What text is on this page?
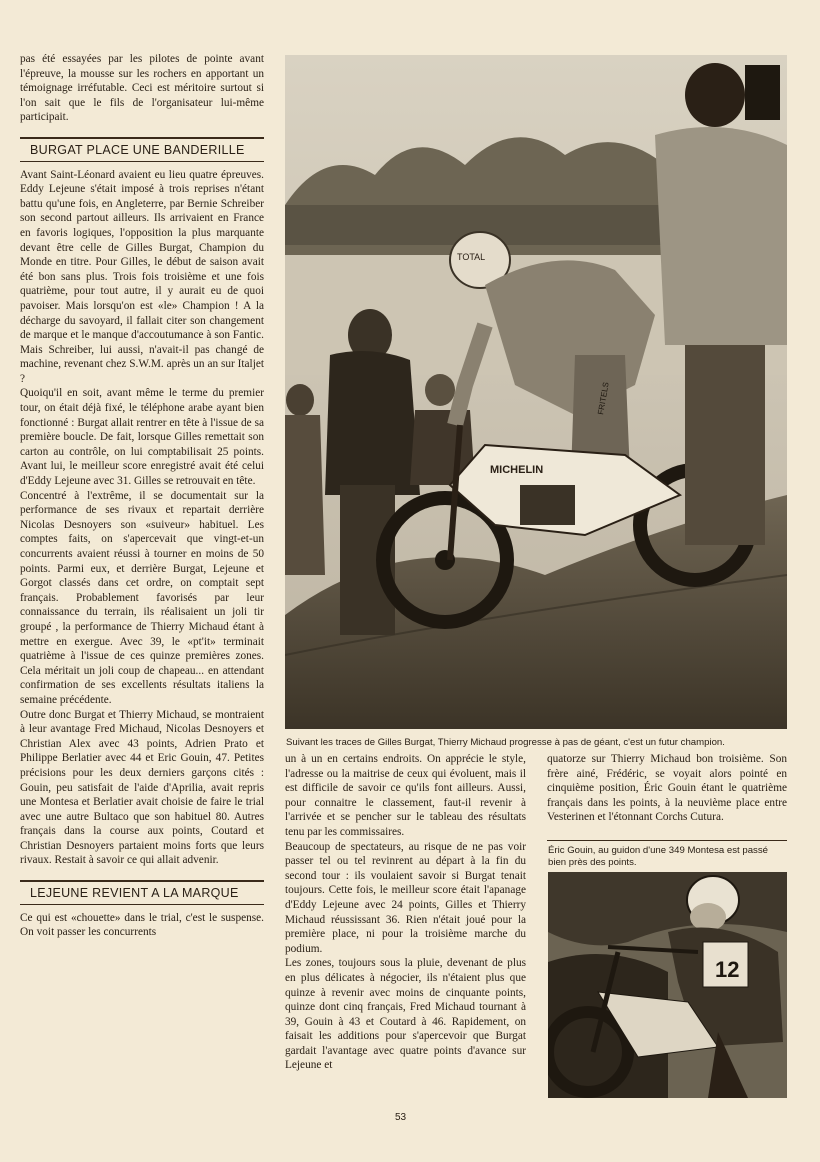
pas été essayées par les pilotes de pointe avant l'épreuve, la mousse sur les rochers en apportant un témoignage irréfutable. Ceci est méritoire surtout si l'on sait que le fils de l'organisateur lui-même participait.

BURGAT PLACE UNE BANDERILLE

Avant Saint-Léonard avaient eu lieu quatre épreuves. Eddy Lejeune s'était imposé à trois reprises n'étant battu qu'une fois, en Angleterre, par Bernie Schreiber son second partout ailleurs. Ils arrivaient en France en favoris logiques, l'opposition la plus marquante devant être celle de Gilles Burgat, Champion du Monde en titre. Pour Gilles, le début de saison avait été bon sans plus. Trois fois troisième et une fois quatrième, pour tout autre, il y aurait eu de quoi pavoiser. Mais lorsqu'on est «le» Champion ! A la décharge du savoyard, il fallait citer son changement de marque et le manque d'accoutumance à son Fantic. Mais Schreiber, lui aussi, n'avait-il pas changé de machine, revenant chez S.W.M. après un an sur Italjet ?

Quoiqu'il en soit, avant même le terme du premier tour, on était déjà fixé, le téléphone arabe ayant bien fonctionné : Burgat allait rentrer en tête à l'issue de sa première boucle. De fait, lorsque Gilles remettait son carton au contrôle, on lui comptabilisait 25 points. Avant lui, le meilleur score enregistré avait été celui d'Eddy Lejeune avec 31. Gilles se retrouvait en tête.

Concentré à l'extrême, il se documentait sur la performance de ses rivaux et repartait derrière Nicolas Desnoyers son «suiveur» habituel. Les comptes faits, on s'apercevait que vingt-et-un concurrents avaient réussi à tourner en moins de 50 points. Parmi eux, et derrière Burgat, Lejeune et Gorgot classés dans cet ordre, on comptait sept français. Probablement favorisés par leur connaissance du terrain, ils réalisaient un joli tir groupé , la performance de Thierry Michaud étant à mettre en exergue. Avec 39, le «pt'it» terminait quatrième à l'issue de ces quinze premières zones. Cela méritait un joli coup de chapeau... en attendant confirmation de ses excellents résultats italiens la semaine précédente.

Outre donc Burgat et Thierry Michaud, se montraient à leur avantage Fred Michaud, Nicolas Desnoyers et Christian Alex avec 43 points, Adrien Prato et Philippe Berlatier avec 44 et Eric Gouin, 47. Petites précisions pour les deux derniers garçons cités : Gouin, peu satisfait de l'aide d'Aprilia, avait repris une Montesa et Berlatier avait choisie de faire le trial avec une autre Bultaco que son habituel 80. Autres français dans la course aux points, Coutard et Christian Desnoyers partaient moins forts que leurs rivaux. Restait à savoir ce qui allait advenir.

LEJEUNE REVIENT A LA MARQUE

Ce qui est «chouette» dans le trial, c'est le suspense. On voit passer les concurrents

TOTAL
FRITELS
MICHELIN
Suivant les traces de Gilles Burgat, Thierry Michaud progresse à pas de géant, c'est un futur champion.

un à un en certains endroits. On apprécie le style, l'adresse ou la maitrise de ceux qui évoluent, mais il est difficile de savoir ce qu'ils font ailleurs. Aussi, pour connaitre le classement, faut-il revenir à l'arrivée et se pencher sur le tableau des résultats tenu par les commissaires.

Beaucoup de spectateurs, au risque de ne pas voir passer tel ou tel revinrent au départ à la fin du second tour : ils voulaient savoir si Burgat tenait toujours. Cette fois, le meilleur score était l'apanage d'Eddy Lejeune avec 24 points, Gilles et Thierry Michaud réussissant 36. Rien n'était joué pour la première place, ni pour la troisième marche du podium.

Les zones, toujours sous la pluie, devenant de plus en plus délicates à négocier, ils n'étaient plus que quinze à revenir avec moins de cinquante points, quinze dont cinq français, Fred Michaud tournant à 39, Gouin à 43 et Coutard à 46. Rapidement, on faisait les additions pour s'apercevoir que Burgat gardait l'avantage avec quatre points d'avance sur Lejeune et

quatorze sur Thierry Michaud bon troisième. Son frère ainé, Frédéric, se voyait alors pointé en cinquième position, Éric Gouin étant le quatrième français dans les points, à la neuvième place entre Vesterinen et l'étonnant Corchs Cutura.

Éric Gouin, au guidon d'une 349 Montesa est passé bien près des points.
12
53
